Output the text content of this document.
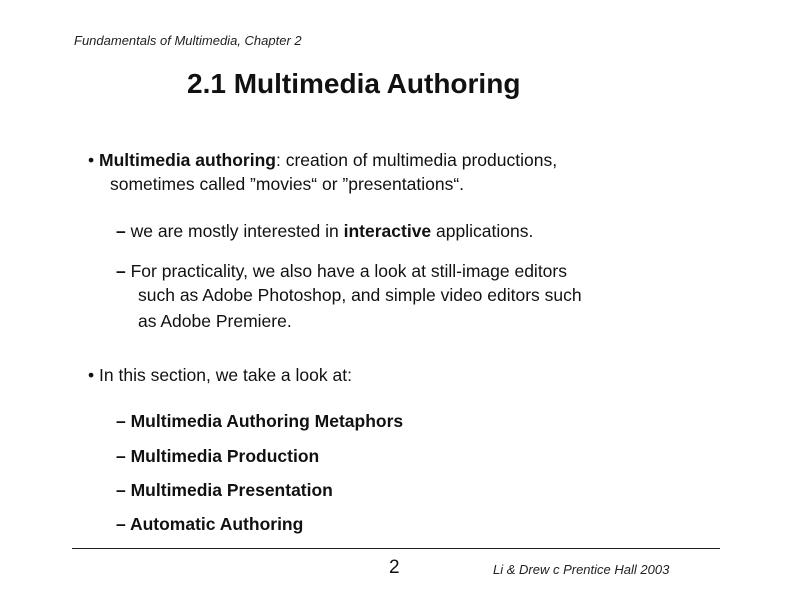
Fundamentals of Multimedia, Chapter 2
2.1 Multimedia Authoring
• Multimedia authoring: creation of multimedia productions,
sometimes called ”movies“ or ”presentations“.
– we are mostly interested in interactive applications.
– For practicality, we also have a look at still-image editors
such as Adobe Photoshop, and simple video editors such
as Adobe Premiere.
• In this section, we take a look at:
– Multimedia Authoring Metaphors
– Multimedia Production
– Multimedia Presentation
– Automatic Authoring
2	Li & Drew c Prentice Hall 2003
